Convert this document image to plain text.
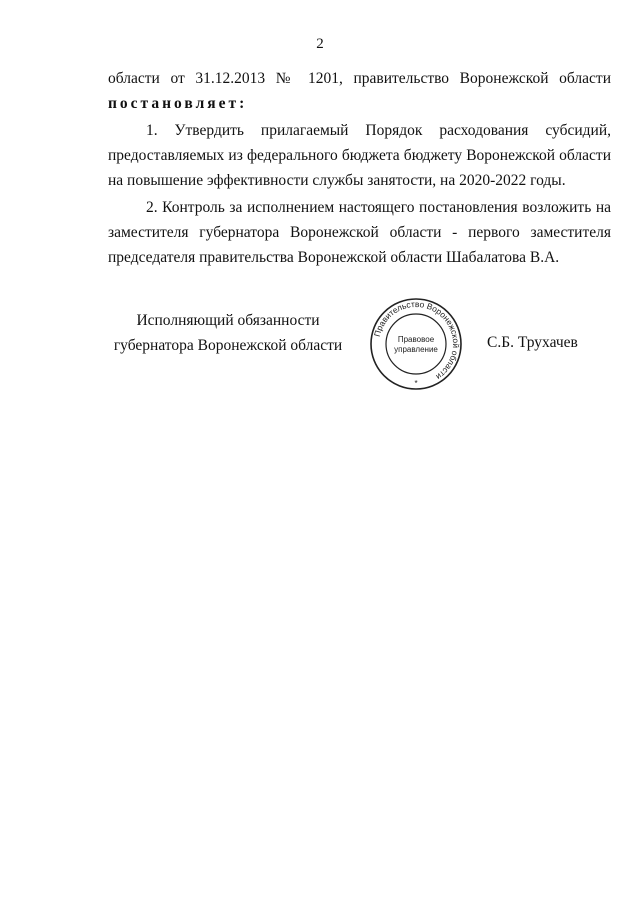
2
области от 31.12.2013 № 1201, правительство Воронежской области
постановляет:
1. Утвердить прилагаемый Порядок расходования субсидий,
предоставляемых из федерального бюджета бюджету Воронежской области
на повышение эффективности службы занятости, на 2020-2022 годы.
2. Контроль за исполнением настоящего постановления возложить на
заместителя губернатора Воронежской области - первого заместителя
председателя правительства Воронежской области Шабалатова В.А.
Исполняющий обязанности
губернатора Воронежской области
Правительство Воронежской области
Правовое
управление
*
С.Б. Трухачев
